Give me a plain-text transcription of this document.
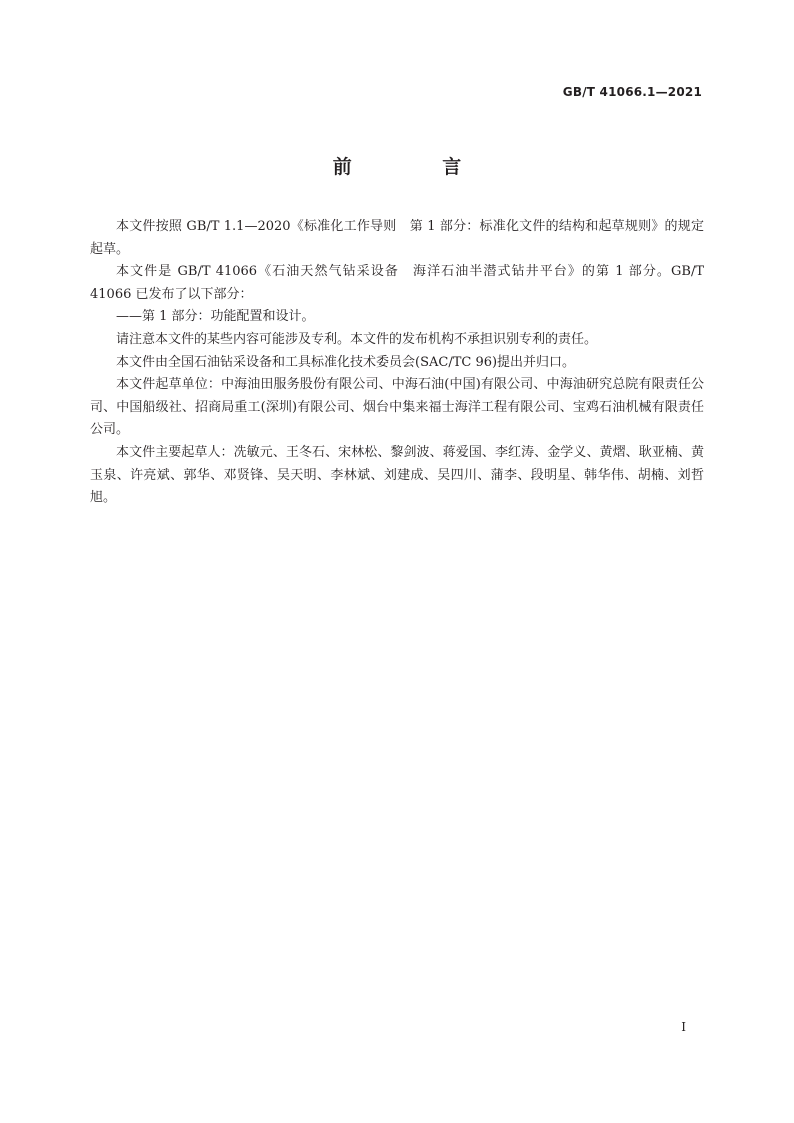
GB/T 41066.1—2021
前 言

本文件按照 GB/T 1.1—2020《标准化工作导则　第 1 部分：标准化文件的结构和起草规则》的规定起草。

本文件是 GB/T 41066《石油天然气钻采设备　海洋石油半潜式钻井平台》的第 1 部分。GB/T 41066 已发布了以下部分：

——第 1 部分：功能配置和设计。

请注意本文件的某些内容可能涉及专利。本文件的发布机构不承担识别专利的责任。

本文件由全国石油钻采设备和工具标准化技术委员会(SAC/TC 96)提出并归口。

本文件起草单位：中海油田服务股份有限公司、中海石油(中国)有限公司、中海油研究总院有限责任公司、中国船级社、招商局重工(深圳)有限公司、烟台中集来福士海洋工程有限公司、宝鸡石油机械有限责任公司。

本文件主要起草人：冼敏元、王冬石、宋林松、黎剑波、蒋爱国、李红涛、金学义、黄熠、耿亚楠、黄玉泉、许亮斌、郭华、邓贤锋、吴天明、李林斌、刘建成、吴四川、蒲李、段明星、韩华伟、胡楠、刘哲旭。

I
